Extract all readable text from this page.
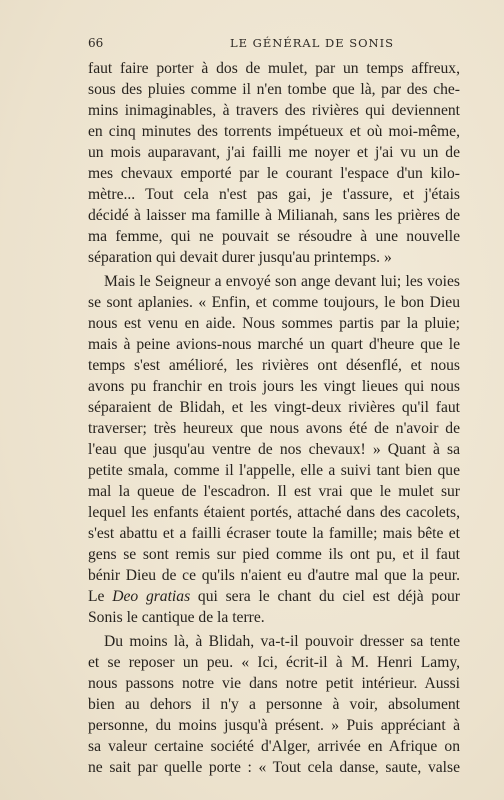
66	LE GÉNÉRAL DE SONIS
faut faire porter à dos de mulet, par un temps affreux,
sous des pluies comme il n'en tombe que là, par des che-
mins inimaginables, à travers des rivières qui deviennent
en cinq minutes des torrents impétueux et où moi-même,
un mois auparavant, j'ai failli me noyer et j'ai vu un de
mes chevaux emporté par le courant l'espace d'un kilo-
mètre... Tout cela n'est pas gai, je t'assure, et j'étais
décidé à laisser ma famille à Milianah, sans les prières de
ma femme, qui ne pouvait se résoudre à une nouvelle
séparation qui devait durer jusqu'au printemps. »
Mais le Seigneur a envoyé son ange devant lui; les voies
se sont aplanies. « Enfin, et comme toujours, le bon Dieu
nous est venu en aide. Nous sommes partis par la pluie;
mais à peine avions-nous marché un quart d'heure que le
temps s'est amélioré, les rivières ont désenflé, et nous
avons pu franchir en trois jours les vingt lieues qui nous
séparaient de Blidah, et les vingt-deux rivières qu'il faut
traverser; très heureux que nous avons été de n'avoir de
l'eau que jusqu'au ventre de nos chevaux! » Quant à sa
petite smala, comme il l'appelle, elle a suivi tant bien que
mal la queue de l'escadron. Il est vrai que le mulet sur
lequel les enfants étaient portés, attaché dans des cacolets,
s'est abattu et a failli écraser toute la famille; mais bête et
gens se sont remis sur pied comme ils ont pu, et il faut
bénir Dieu de ce qu'ils n'aient eu d'autre mal que la peur.
Le Deo gratias qui sera le chant du ciel est déjà pour
Sonis le cantique de la terre.
Du moins là, à Blidah, va-t-il pouvoir dresser sa tente
et se reposer un peu. « Ici, écrit-il à M. Henri Lamy,
nous passons notre vie dans notre petit intérieur. Aussi
bien au dehors il n'y a personne à voir, absolument
personne, du moins jusqu'à présent. » Puis appréciant à
sa valeur certaine société d'Alger, arrivée en Afrique on
ne sait par quelle porte : « Tout cela danse, saute, valse
